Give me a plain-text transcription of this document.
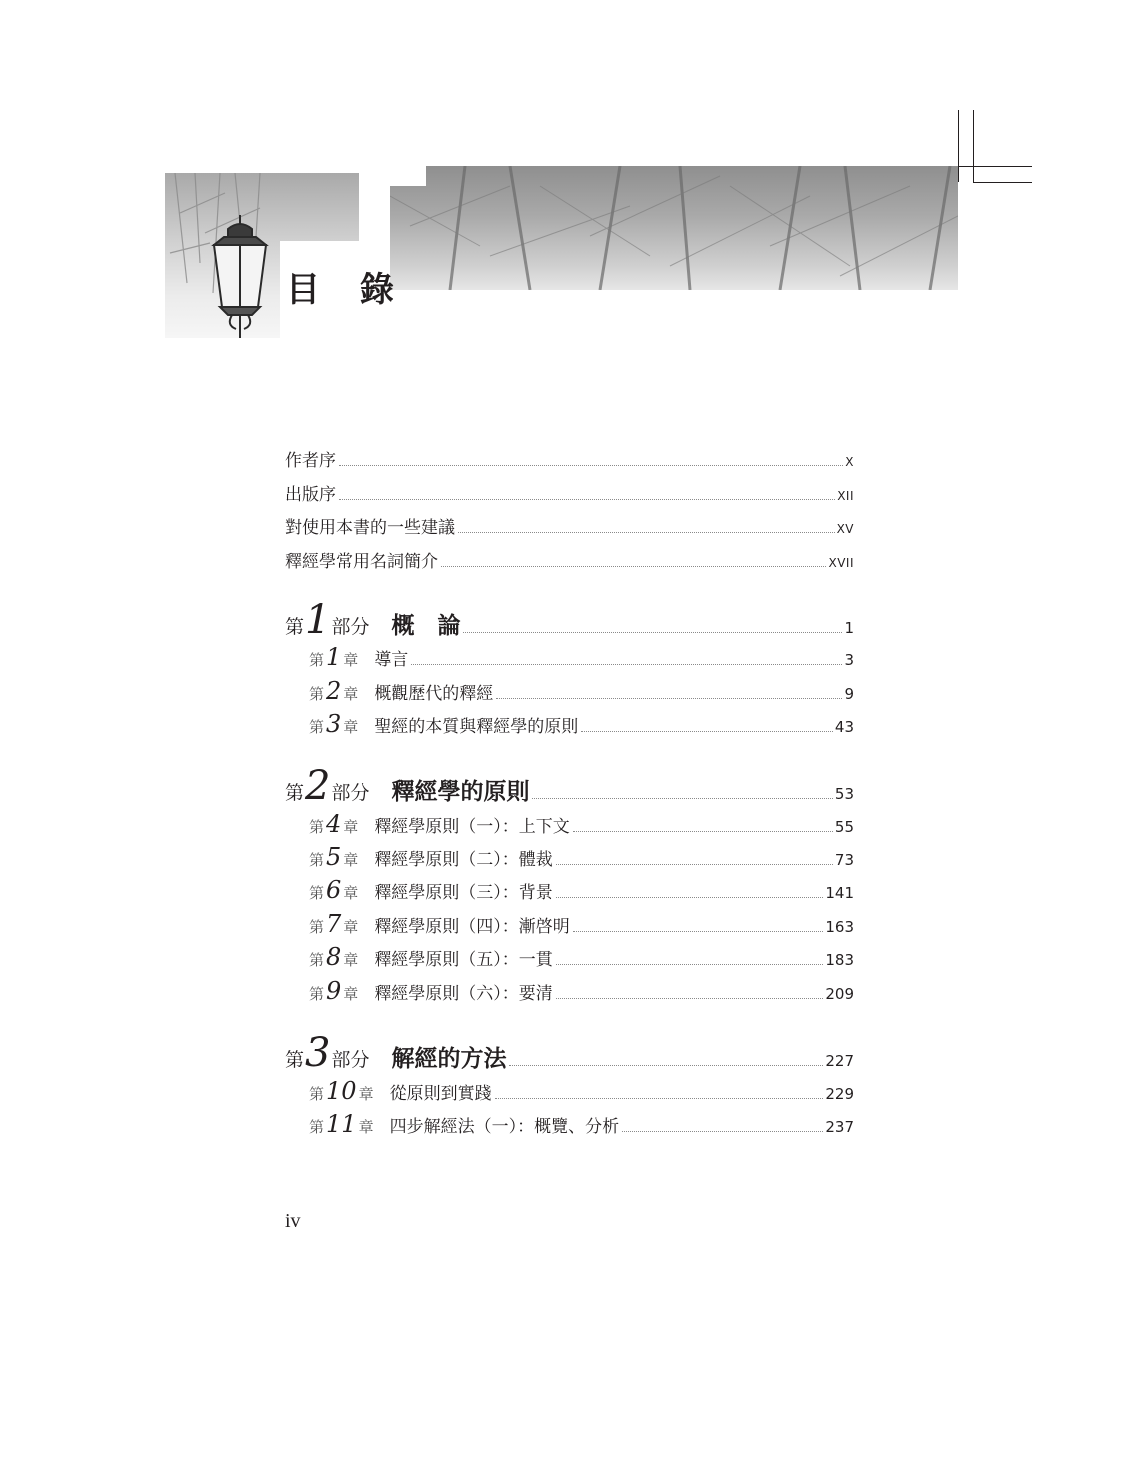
目 錄
作者序	X
出版序	XII
對使用本書的一些建議	XV
釋經學常用名詞簡介	XVII
第1部分 概　論	1
第1 章 導言	3
第2 章 概觀歷代的釋經	9
第3 章 聖經的本質與釋經學的原則	43
第2部分 釋經學的原則	53
第4 章 釋經學原則（一）：上下文	55
第5 章 釋經學原則（二）：體裁	73
第6 章 釋經學原則（三）：背景	141
第7 章 釋經學原則（四）：漸啓明	163
第8 章 釋經學原則（五）：一貫	183
第9 章 釋經學原則（六）：要清	209
第3部分 解經的方法	227
第10 章 從原則到實踐	229
第11 章 四步解經法（一）：概覽、分析	237
iv
